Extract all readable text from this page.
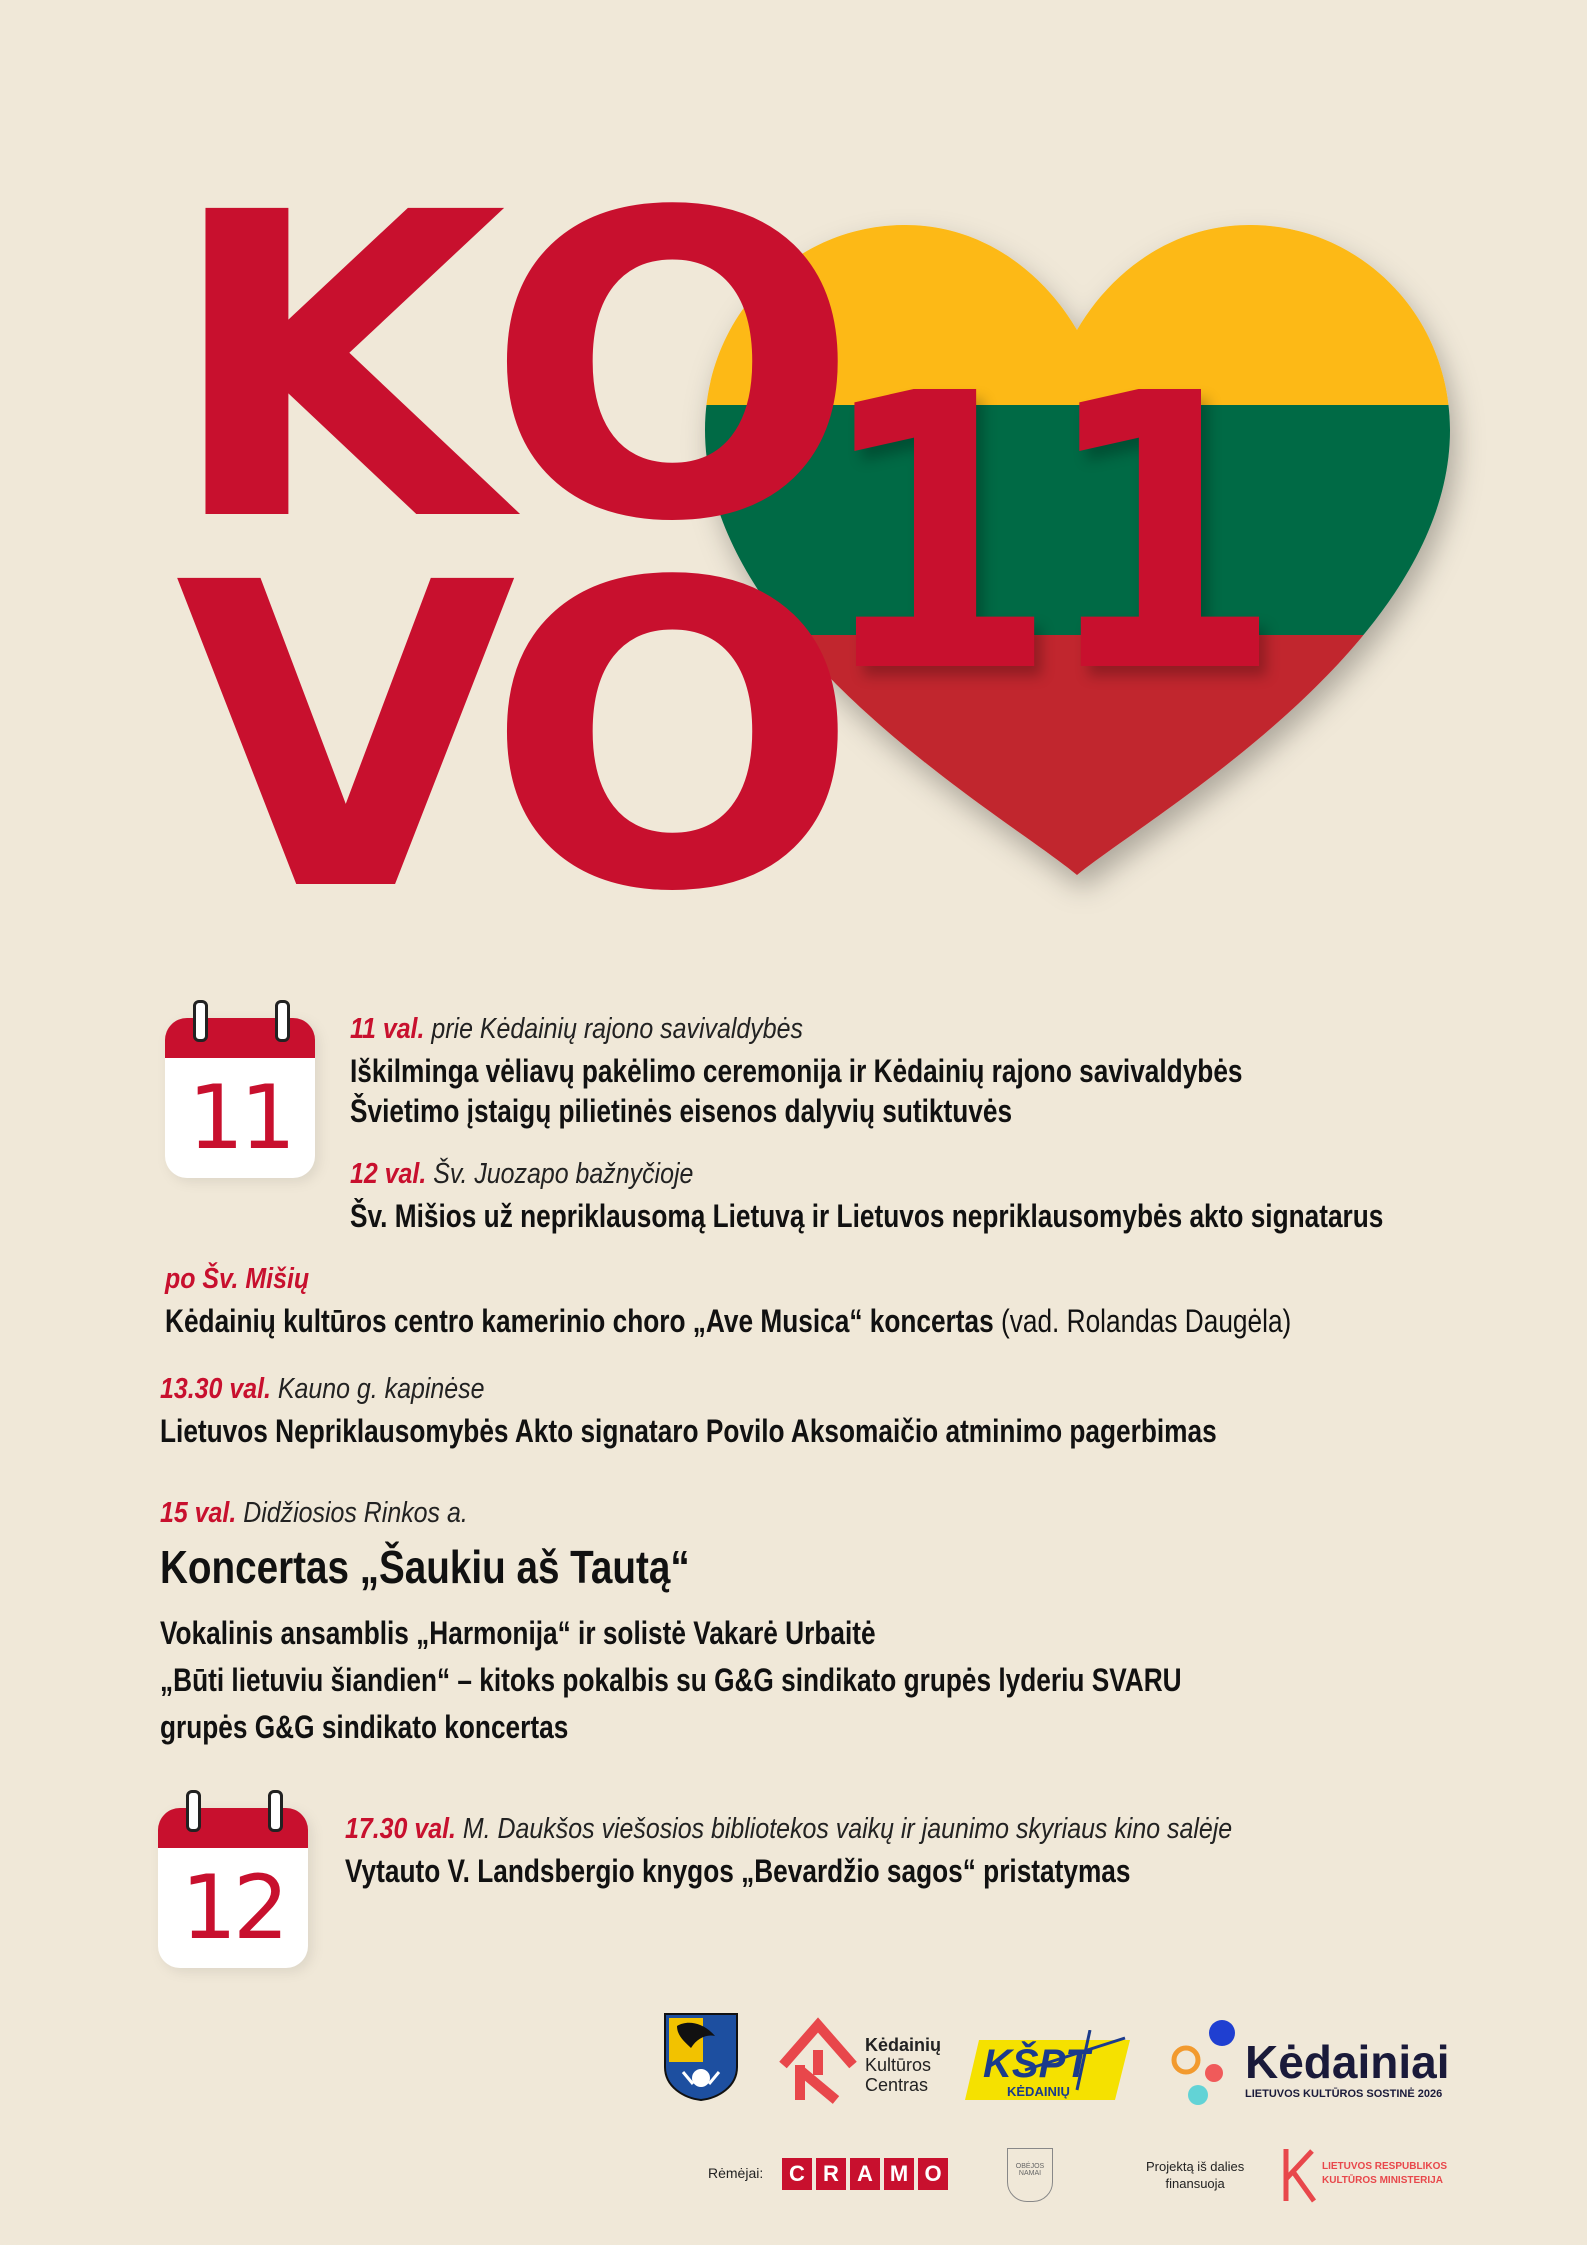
K
O
V
O
11
11
11 val. prie Kėdainių rajono savivaldybės
Iškilminga vėliavų pakėlimo ceremonija ir Kėdainių rajono savivaldybės
Švietimo įstaigų pilietinės eisenos dalyvių sutiktuvės
12 val. Šv. Juozapo bažnyčioje
Šv. Mišios už nepriklausomą Lietuvą ir Lietuvos nepriklausomybės akto signatarus
po Šv. Mišių
Kėdainių kultūros centro kamerinio choro „Ave Musica“ koncertas (vad. Rolandas Daugėla)
13.30 val. Kauno g. kapinėse
Lietuvos Nepriklausomybės Akto signataro Povilo Aksomaičio atminimo pagerbimas
15 val. Didžiosios Rinkos a.
Koncertas „Šaukiu aš Tautą“
Vokalinis ansamblis „Harmonija“ ir solistė Vakarė Urbaitė
„Būti lietuviu šiandien“ – kitoks pokalbis su G&G sindikato grupės lyderiu SVARU
grupės G&G sindikato koncertas
12
17.30 val. M. Daukšos viešosios bibliotekos vaikų ir jaunimo skyriaus kino salėje
Vytauto V. Landsbergio knygos „Bevardžio sagos“ pristatymas
Kėdainių
Kultūros
Centras	KŠPT
KĖDAINIŲ
Kėdainiai
LIETUVOS KULTŪROS SOSTINĖ 2026
Rėmėjai:	C R A M O	OBĖJOS NAMAI	Projektą iš dalies
finansuoja
LIETUVOS RESPUBLIKOS
KULTŪROS MINISTERIJA
